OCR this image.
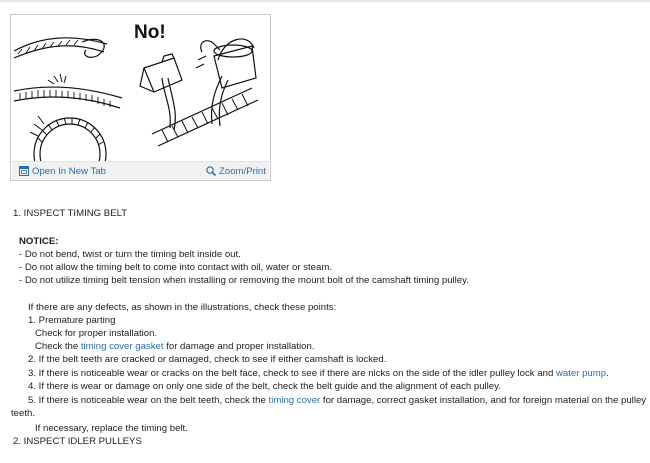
No!
Open In New Tab	Zoom/Print
1. INSPECT TIMING BELT
NOTICE:
- Do not bend, twist or turn the timing belt inside out.
- Do not allow the timing belt to come into contact with oil, water or steam.
- Do not utilize timing belt tension when installing or removing the mount bolt of the camshaft timing pulley.
If there are any defects, as shown in the illustrations, check these points:
1. Premature parting
Check for proper installation.
Check the timing cover gasket for damage and proper installation.
2. If the belt teeth are cracked or damaged, check to see if either camshaft is locked.
3. If there is noticeable wear or cracks on the belt face, check to see if there are nicks on the side of the idler pulley lock and water pump.
4. If there is wear or damage on only one side of the belt, check the belt guide and the alignment of each pulley.
5. If there is noticeable wear on the belt teeth, check the timing cover for damage, correct gasket installation, and for foreign material on the pulley
teeth.
If necessary, replace the timing belt.
2. INSPECT IDLER PULLEYS
